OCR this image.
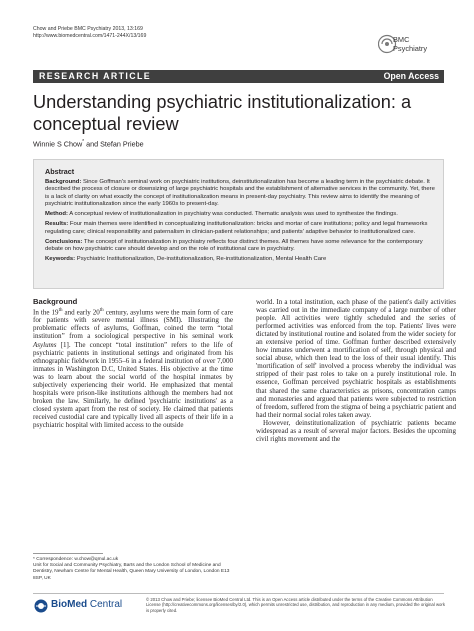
Chow and Priebe BMC Psychiatry 2013, 13:169
http://www.biomedcentral.com/1471-244X/13/169	BMC
Psychiatry
RESEARCH ARTICLE	Open Access
Understanding psychiatric institutionalization: a conceptual review
Winnie S Chow* and Stefan Priebe
Abstract

Background: Since Goffman's seminal work on psychiatric institutions, deinstitutionalization has become a leading term in the psychiatric debate. It described the process of closure or downsizing of large psychiatric hospitals and the establishment of alternative services in the community. Yet, there is a lack of clarity on what exactly the concept of institutionalization means in present-day psychiatry. This review aims to identify the meaning of psychiatric institutionalization since the early 1960s to present-day.

Method: A conceptual review of institutionalization in psychiatry was conducted. Thematic analysis was used to synthesize the findings.

Results: Four main themes were identified in conceptualizing institutionalization: bricks and mortar of care institutions; policy and legal frameworks regulating care; clinical responsibility and paternalism in clinician-patient relationships; and patients' adaptive behavior to institutionalized care.

Conclusions: The concept of institutionalization in psychiatry reflects four distinct themes. All themes have some relevance for the contemporary debate on how psychiatric care should develop and on the role of institutional care in psychiatry.

Keywords: Psychiatric Institutionalization, De-institutionalization, Re-institutionalization, Mental Health Care

Background

In the 19th and early 20th century, asylums were the main form of care for patients with severe mental illness (SMI). Illustrating the problematic effects of asylums, Goffman, coined the term “total institution” from a sociological perspective in his seminal work Asylums [1]. The concept “total institution” refers to the life of psychiatric patients in institutional settings and originated from his ethnographic fieldwork in 1955–6 in a federal institution of over 7,000 inmates in Washington D.C, United States. His objective at the time was to learn about the social world of the hospital inmates by subjectively experiencing their world. He emphasized that mental hospitals were prison-like institutions although the members had not broken the law. Similarly, he defined 'psychiatric institutions' as a closed system apart from the rest of society. He claimed that patients received custodial care and typically lived all aspects of their life in a psychiatric hospital with limited access to the outside

world. In a total institution, each phase of the patient's daily activities was carried out in the immediate company of a large number of other people. All activities were tightly scheduled and the series of performed activities was enforced from the top. Patients' lives were dictated by institutional routine and isolated from the wider society for an extensive period of time. Goffman further described extensively how inmates underwent a mortification of self, through physical and social abuse, which then lead to the loss of their usual identify. This 'mortification of self' involved a process whereby the individual was stripped of their past roles to take on a purely institutional role. In essence, Goffman perceived psychiatric hospitals as establishments that shared the same characteristics as prisons, concentration camps and monasteries and argued that patients were subjected to restriction of freedom, suffered from the stigma of being a psychiatric patient and had their normal social roles taken away.

However, deinstitutionalization of psychiatric patients became widespread as a result of several major factors. Besides the upcoming civil rights movement and the

* Correspondence: w.chow@qmul.ac.uk
Unit for Social and Community Psychiatry, Barts and the London School of Medicine and Dentistry, Newham Centre for Mental Health, Queen Mary University of London, London E13 8SP, UK
BioMed Central	© 2013 Chow and Priebe; licensee BioMed Central Ltd. This is an Open Access article distributed under the terms of the Creative Commons Attribution License (http://creativecommons.org/licenses/by/2.0), which permits unrestricted use, distribution, and reproduction in any medium, provided the original work is properly cited.
